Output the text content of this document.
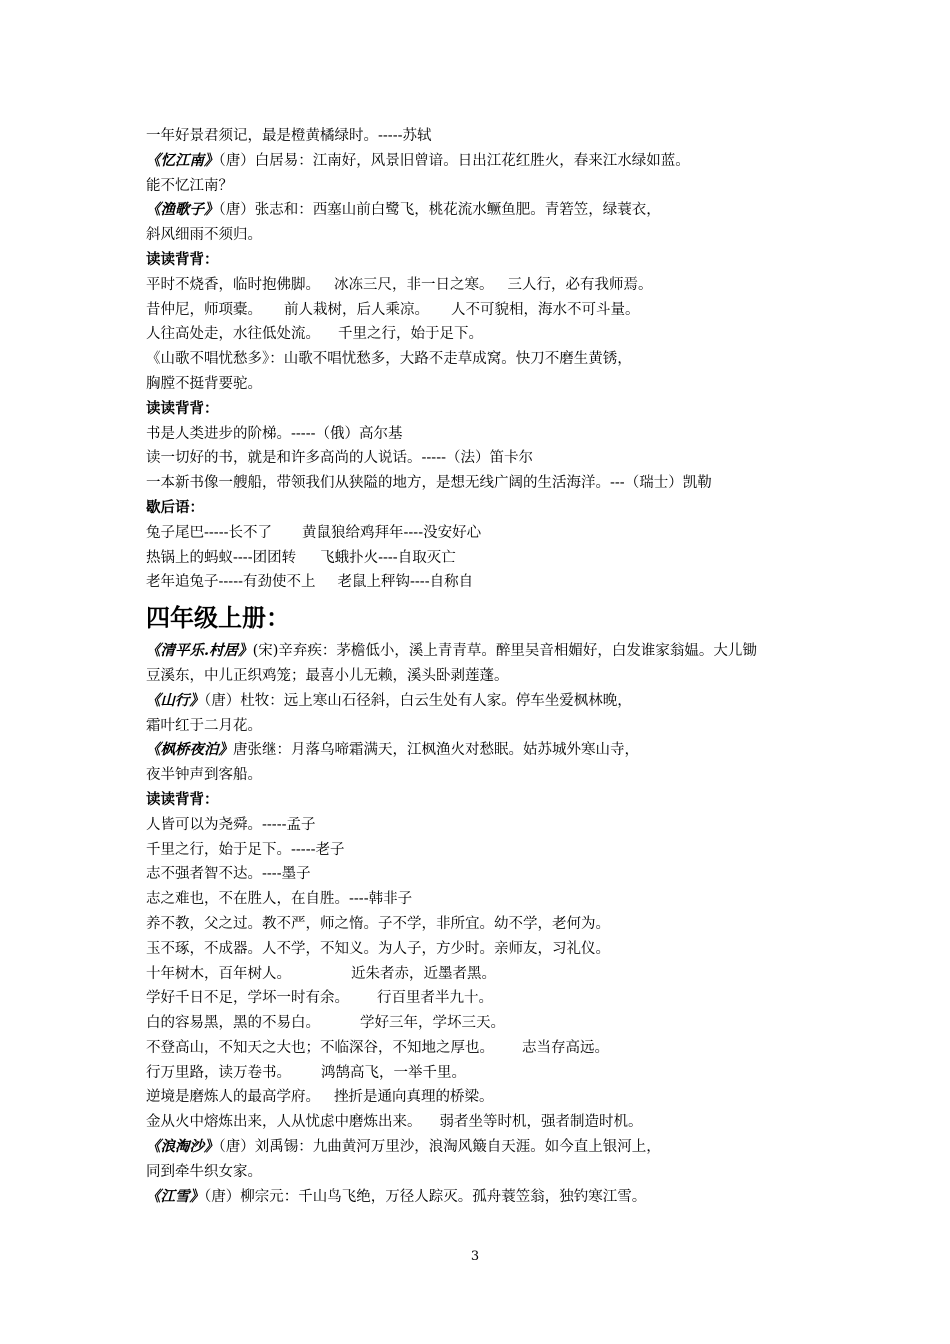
一年好景君须记，最是橙黄橘绿时。-----苏轼
《忆江南》（唐）白居易：江南好，风景旧曾谙。日出江花红胜火，春来江水绿如蓝。
能不忆江南？
《渔歌子》（唐）张志和：西塞山前白鹭飞，桃花流水鳜鱼肥。青箬笠，绿蓑衣，
斜风细雨不须归。
读读背背：
平时不烧香，临时抱佛脚。 冰冻三尺，非一日之寒。 三人行，必有我师焉。
昔仲尼，师项橐。 前人栽树，后人乘凉。 人不可貌相，海水不可斗量。
人往高处走，水往低处流。 千里之行，始于足下。
《山歌不唱忧愁多》：山歌不唱忧愁多，大路不走草成窝。快刀不磨生黄锈，
胸膛不挺背要驼。
读读背背：
书是人类进步的阶梯。-----（俄）高尔基
读一切好的书，就是和许多高尚的人说话。-----（法）笛卡尔
一本新书像一艘船，带领我们从狭隘的地方，是想无线广阔的生活海洋。---（瑞士）凯勒
歇后语：
兔子尾巴-----长不了 黄鼠狼给鸡拜年----没安好心
热锅上的蚂蚁----团团转 飞蛾扑火----自取灭亡
老年追兔子-----有劲使不上 老鼠上秤钩----自称自
四年级上册：
《清平乐.村居》(宋)辛弃疾：茅檐低小，溪上青青草。醉里吴音相媚好，白发谁家翁媪。大儿锄
豆溪东，中儿正织鸡笼；最喜小儿无赖，溪头卧剥莲蓬。
《山行》（唐）杜牧：远上寒山石径斜，白云生处有人家。停车坐爱枫林晚，
霜叶红于二月花。
《枫桥夜泊》唐张继：月落乌啼霜满天，江枫渔火对愁眠。姑苏城外寒山寺，
夜半钟声到客船。
读读背背：
人皆可以为尧舜。-----孟子
千里之行，始于足下。-----老子
志不强者智不达。----墨子
志之难也，不在胜人，在自胜。----韩非子
养不教，父之过。教不严，师之惰。子不学，非所宜。幼不学，老何为。
玉不琢，不成器。人不学，不知义。为人子，方少时。亲师友，习礼仪。
十年树木，百年树人。	近朱者赤，近墨者黑。
学好千日不足，学坏一时有余。 行百里者半九十。
白的容易黑，黑的不易白。	学好三年，学坏三天。
不登高山，不知天之大也；不临深谷，不知地之厚也。 志当存高远。
行万里路，读万卷书。 鸿鹄高飞，一举千里。
逆境是磨炼人的最高学府。 挫折是通向真理的桥梁。
金从火中熔炼出来，人从忧虑中磨炼出来。 弱者坐等时机，强者制造时机。
《浪淘沙》（唐）刘禹锡：九曲黄河万里沙，浪淘风簸自天涯。如今直上银河上，
同到牵牛织女家。
《江雪》（唐）柳宗元：千山鸟飞绝，万径人踪灭。孤舟蓑笠翁，独钓寒江雪。
3
